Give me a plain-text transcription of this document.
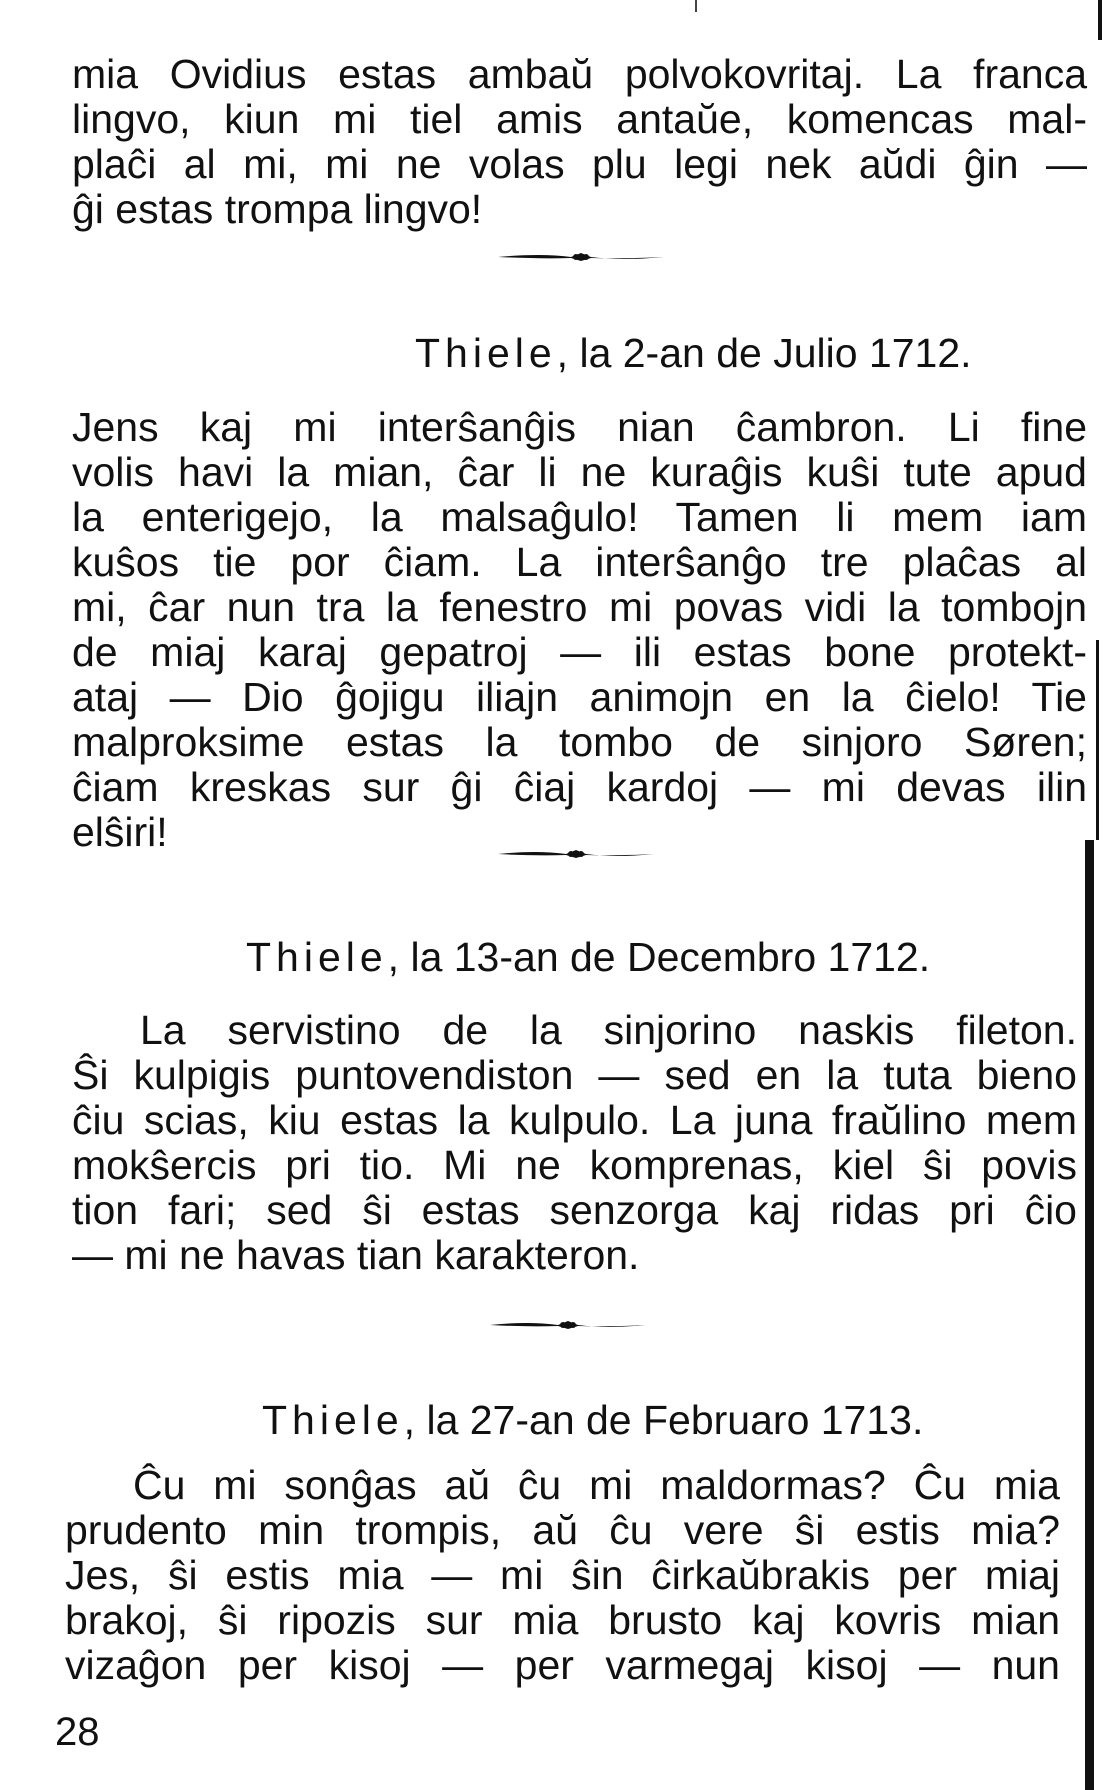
mia Ovidius estas ambaŭ polvokovritaj. La franca
lingvo, kiun mi tiel amis antaŭe, komencas mal-
plaĉi al mi, mi ne volas plu legi nek aŭdi ĝin —
ĝi estas trompa lingvo!
Thiele, la 2-an de Julio 1712.
Jens kaj mi interŝanĝis nian ĉambron. Li fine
volis havi la mian, ĉar li ne kuraĝis kuŝi tute apud
la enterigejo, la malsaĝulo! Tamen li mem iam
kuŝos tie por ĉiam. La interŝanĝo tre plaĉas al
mi, ĉar nun tra la fenestro mi povas vidi la tombojn
de miaj karaj gepatroj — ili estas bone protekt-
ataj — Dio ĝojigu iliajn animojn en la ĉielo! Tie
malproksime estas la tombo de sinjoro Søren;
ĉiam kreskas sur ĝi ĉiaj kardoj — mi devas ilin
elŝiri!
Thiele, la 13-an de Decembro 1712.
La servistino de la sinjorino naskis fileton.
Ŝi kulpigis puntovendiston — sed en la tuta bieno
ĉiu scias, kiu estas la kulpulo. La juna fraŭlino mem
mokŝercis pri tio. Mi ne komprenas, kiel ŝi povis
tion fari; sed ŝi estas senzorga kaj ridas pri ĉio
— mi ne havas tian karakteron.
Thiele, la 27-an de Februaro 1713.
Ĉu mi sonĝas aŭ ĉu mi maldormas? Ĉu mia
prudento min trompis, aŭ ĉu vere ŝi estis mia?
Jes, ŝi estis mia — mi ŝin ĉirkaŭbrakis per miaj
brakoj, ŝi ripozis sur mia brusto kaj kovris mian
vizaĝon per kisoj — per varmegaj kisoj — nun
28
